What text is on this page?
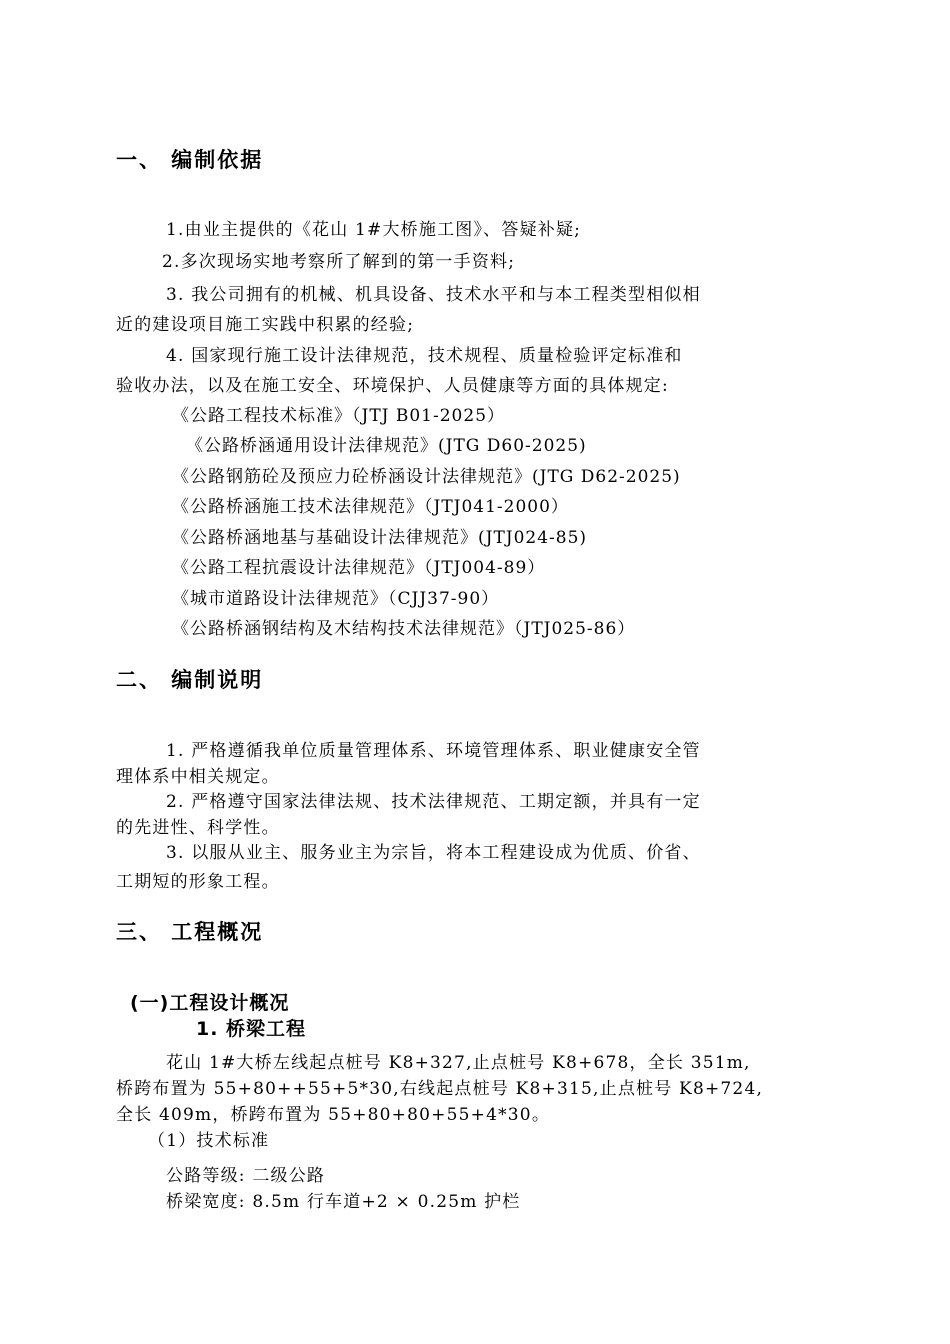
一、 编制依据
1.由业主提供的《花山 1#大桥施工图》、答疑补疑;
2.多次现场实地考察所了解到的第一手资料;
3. 我公司拥有的机械、机具设备、技术水平和与本工程类型相似相
近的建设项目施工实践中积累的经验;
4. 国家现行施工设计法律规范，技术规程、质量检验评定标准和
验收办法，以及在施工安全、环境保护、人员健康等方面的具体规定:
《公路工程技术标准》（JTJ B01-2025）
《公路桥涵通用设计法律规范》(JTG D60-2025)
《公路钢筋砼及预应力砼桥涵设计法律规范》(JTG D62-2025)
《公路桥涵施工技术法律规范》（JTJ041-2000）
《公路桥涵地基与基础设计法律规范》(JTJ024-85)
《公路工程抗震设计法律规范》（JTJ004-89）
《城市道路设计法律规范》（CJJ37-90）
《公路桥涵钢结构及木结构技术法律规范》（JTJ025-86）
二、 编制说明
1. 严格遵循我单位质量管理体系、环境管理体系、职业健康安全管
理体系中相关规定。
2. 严格遵守国家法律法规、技术法律规范、工期定额，并具有一定
的先进性、科学性。
3. 以服从业主、服务业主为宗旨，将本工程建设成为优质、价省、
工期短的形象工程。
三、 工程概况
(一)工程设计概况
1. 桥梁工程
花山 1#大桥左线起点桩号 K8+327,止点桩号 K8+678，全长 351m,
桥跨布置为 55+80++55+5*30,右线起点桩号 K8+315,止点桩号 K8+724,
全长 409m，桥跨布置为 55+80+80+55+4*30。
（1）技术标准
公路等级: 二级公路
桥梁宽度: 8.5m 行车道+2 × 0.25m 护栏
